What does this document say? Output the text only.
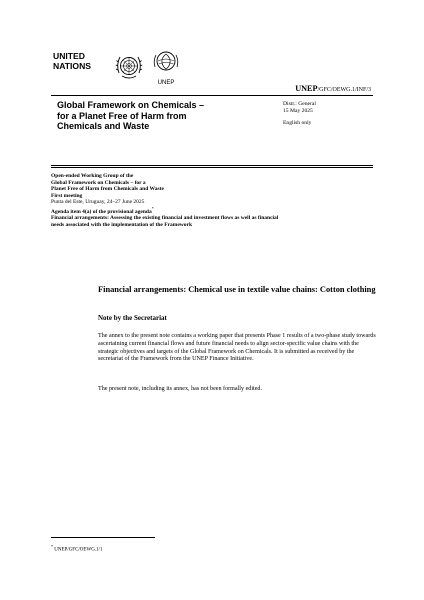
UNITED
NATIONS
UNEP
UNEP/GFC/OEWG.1/INF/3
Distr.: General
15 May 2025
English only
Global Framework on Chemicals –
for a Planet Free of Harm from
Chemicals and Waste
Open-ended Working Group of the
Global Framework on Chemicals – for a
Planet Free of Harm from Chemicals and Waste
First meeting
Punta del Este, Uruguay, 24–27 June 2025
Agenda item 4(a) of the provisional agenda*
Financial arrangements: Assessing the existing financial and investment flows as well as financial needs associated with the implementation of the Framework
Financial arrangements: Chemical use in textile value chains: Cotton clothing
Note by the Secretariat

The annex to the present note contains a working paper that presents Phase 1 results of a two-phase study towards ascertaining current financial flows and future financial needs to align sector-specific value chains with the strategic objectives and targets of the Global Framework on Chemicals. It is submitted as received by the secretariat of the Framework from the UNEP Finance Initiative.

The present note, including its annex, has not been formally edited.

* UNEP/GFC/OEWG.1/1
